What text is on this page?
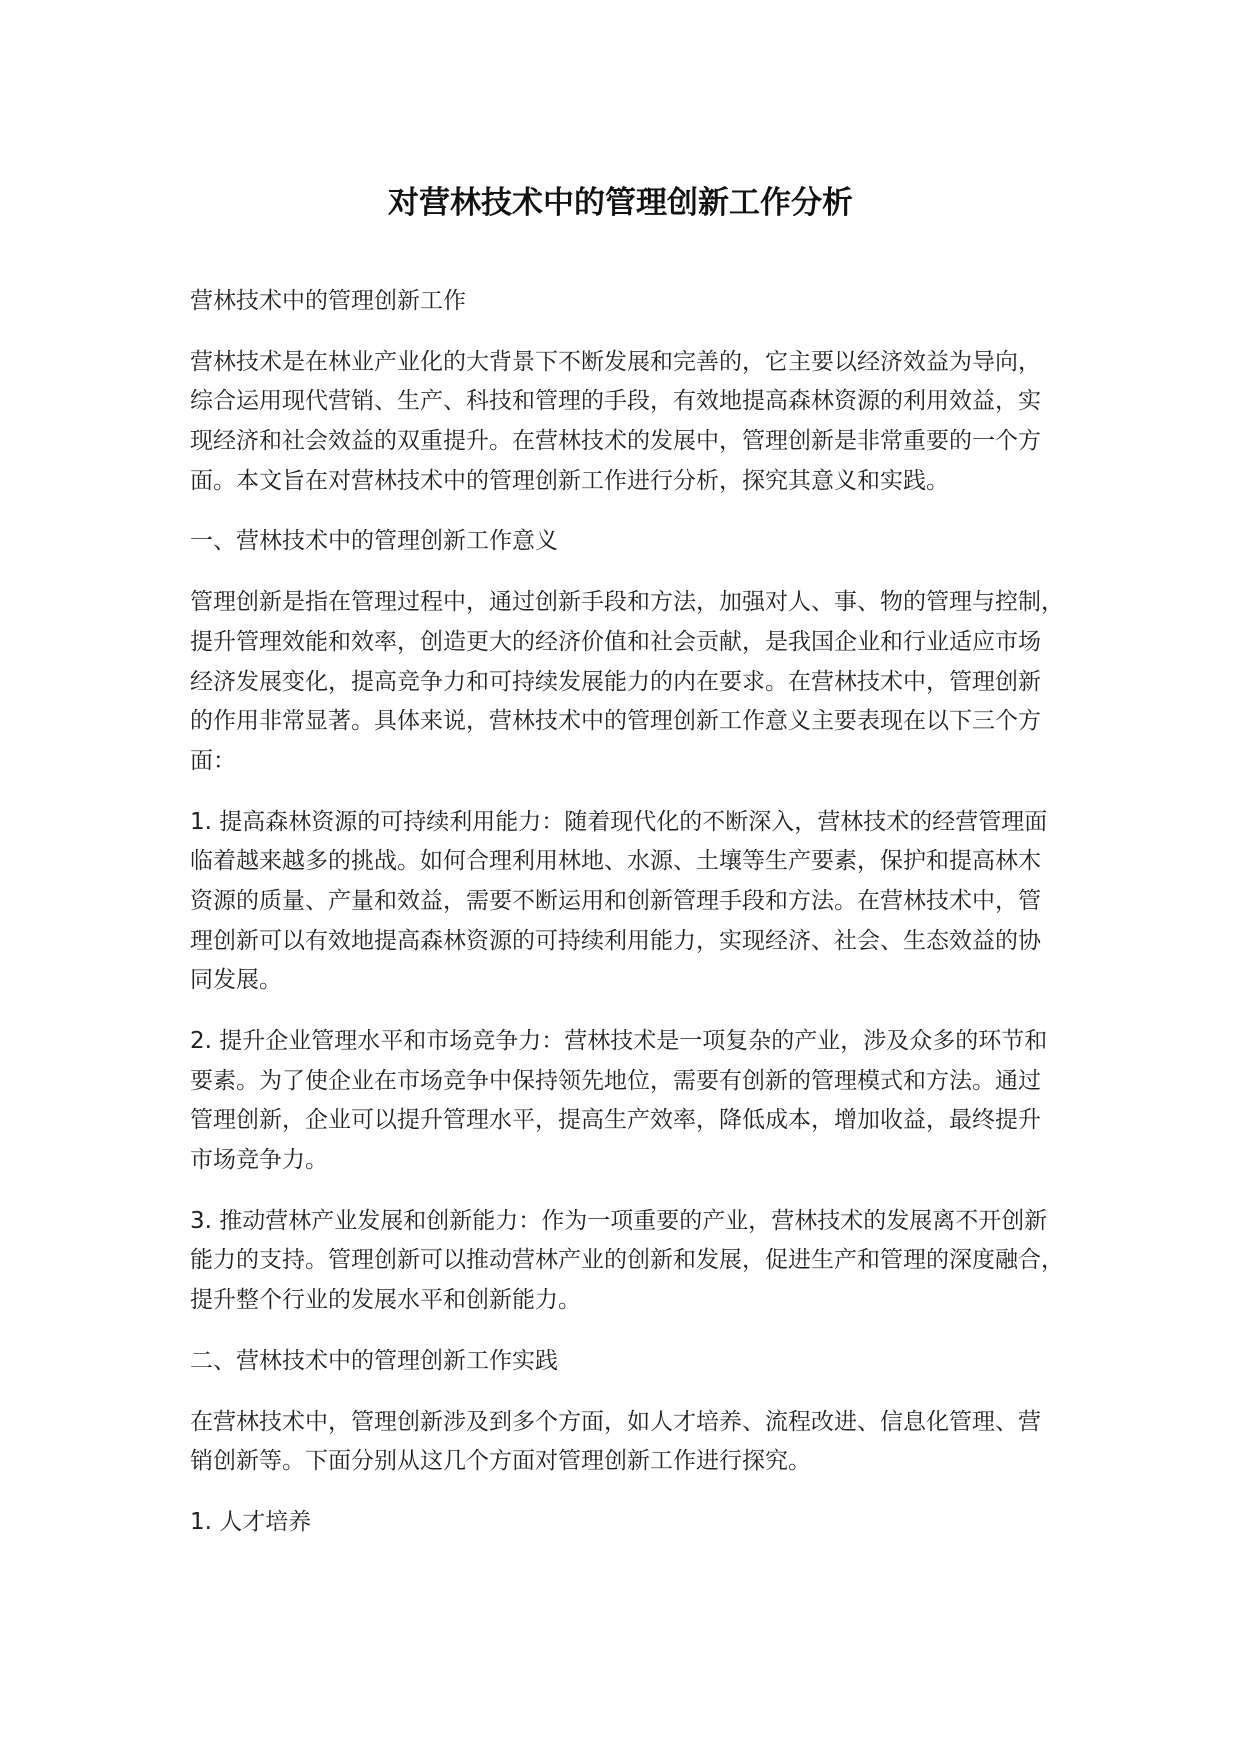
对营林技术中的管理创新工作分析
营林技术中的管理创新工作
营林技术是在林业产业化的大背景下不断发展和完善的，它主要以经济效益为导向，
综合运用现代营销、生产、科技和管理的手段，有效地提高森林资源的利用效益，实
现经济和社会效益的双重提升。在营林技术的发展中，管理创新是非常重要的一个方
面。本文旨在对营林技术中的管理创新工作进行分析，探究其意义和实践。
一、营林技术中的管理创新工作意义
管理创新是指在管理过程中，通过创新手段和方法，加强对人、事、物的管理与控制，
提升管理效能和效率，创造更大的经济价值和社会贡献，是我国企业和行业适应市场
经济发展变化，提高竞争力和可持续发展能力的内在要求。在营林技术中，管理创新
的作用非常显著。具体来说，营林技术中的管理创新工作意义主要表现在以下三个方
面：
1. 提高森林资源的可持续利用能力：随着现代化的不断深入，营林技术的经营管理面
临着越来越多的挑战。如何合理利用林地、水源、土壤等生产要素，保护和提高林木
资源的质量、产量和效益，需要不断运用和创新管理手段和方法。在营林技术中，管
理创新可以有效地提高森林资源的可持续利用能力，实现经济、社会、生态效益的协
同发展。
2. 提升企业管理水平和市场竞争力：营林技术是一项复杂的产业，涉及众多的环节和
要素。为了使企业在市场竞争中保持领先地位，需要有创新的管理模式和方法。通过
管理创新，企业可以提升管理水平，提高生产效率，降低成本，增加收益，最终提升
市场竞争力。
3. 推动营林产业发展和创新能力：作为一项重要的产业，营林技术的发展离不开创新
能力的支持。管理创新可以推动营林产业的创新和发展，促进生产和管理的深度融合，
提升整个行业的发展水平和创新能力。
二、营林技术中的管理创新工作实践
在营林技术中，管理创新涉及到多个方面，如人才培养、流程改进、信息化管理、营
销创新等。下面分别从这几个方面对管理创新工作进行探究。
1. 人才培养
